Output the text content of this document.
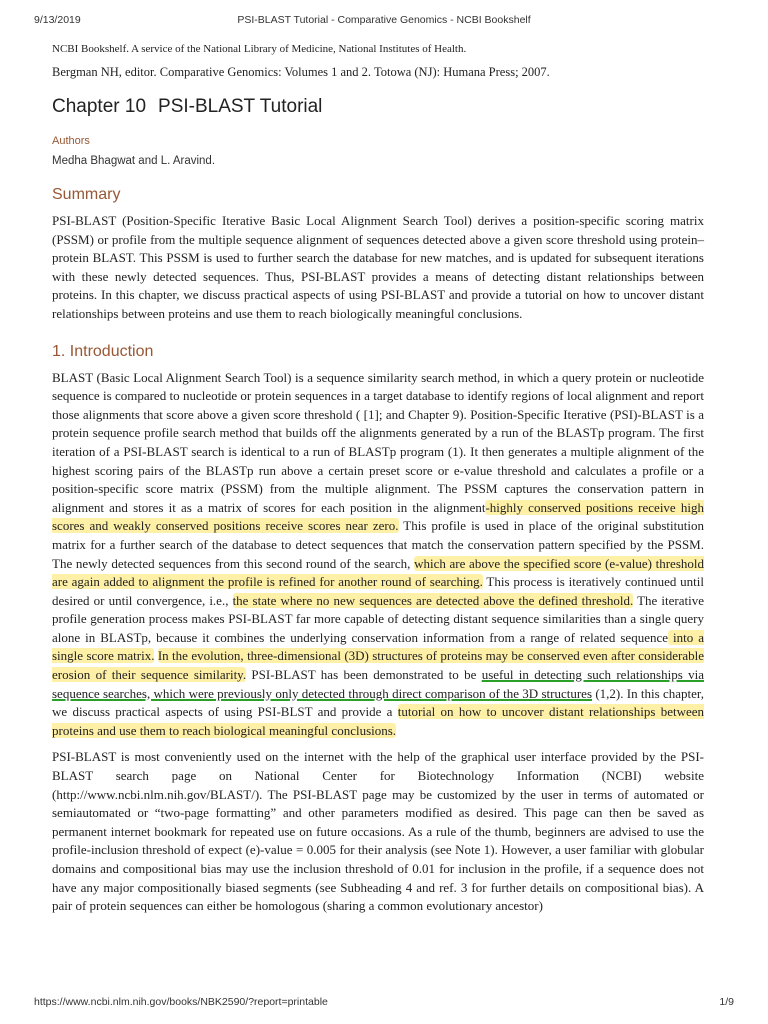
9/13/2019	PSI-BLAST Tutorial - Comparative Genomics - NCBI Bookshelf

NCBI Bookshelf. A service of the National Library of Medicine, National Institutes of Health.

Bergman NH, editor. Comparative Genomics: Volumes 1 and 2. Totowa (NJ): Humana Press; 2007.

Chapter 10 PSI-BLAST Tutorial
Authors
Medha Bhagwat and L. Aravind.
Summary

PSI-BLAST (Position-Specific Iterative Basic Local Alignment Search Tool) derives a position-specific scoring matrix (PSSM) or profile from the multiple sequence alignment of sequences detected above a given score threshold using protein–protein BLAST. This PSSM is used to further search the database for new matches, and is updated for subsequent iterations with these newly detected sequences. Thus, PSI-BLAST provides a means of detecting distant relationships between proteins. In this chapter, we discuss practical aspects of using PSI-BLAST and provide a tutorial on how to uncover distant relationships between proteins and use them to reach biologically meaningful conclusions.

1. Introduction

BLAST (Basic Local Alignment Search Tool) is a sequence similarity search method, in which a query protein or nucleotide sequence is compared to nucleotide or protein sequences in a target database to identify regions of local alignment and report those alignments that score above a given score threshold ( [1]; and Chapter 9). Position-Specific Iterative (PSI)-BLAST is a protein sequence profile search method that builds off the alignments generated by a run of the BLASTp program. The first iteration of a PSI-BLAST search is identical to a run of BLASTp program (1). It then generates a multiple alignment of the highest scoring pairs of the BLASTp run above a certain preset score or e-value threshold and calculates a profile or a position-specific score matrix (PSSM) from the multiple alignment. The PSSM captures the conservation pattern in alignment and stores it as a matrix of scores for each position in the alignment-highly conserved positions receive high scores and weakly conserved positions receive scores near zero. This profile is used in place of the original substitution matrix for a further search of the database to detect sequences that match the conservation pattern specified by the PSSM. The newly detected sequences from this second round of the search, which are above the specified score (e-value) threshold are again added to alignment the profile is refined for another round of searching. This process is iteratively continued until desired or until convergence, i.e., the state where no new sequences are detected above the defined threshold. The iterative profile generation process makes PSI-BLAST far more capable of detecting distant sequence similarities than a single query alone in BLASTp, because it combines the underlying conservation information from a range of related sequence into a single score matrix. In the evolution, three-dimensional (3D) structures of proteins may be conserved even after considerable erosion of their sequence similarity. PSI-BLAST has been demonstrated to be useful in detecting such relationships via sequence searches, which were previously only detected through direct comparison of the 3D structures (1,2). In this chapter, we discuss practical aspects of using PSI-BLST and provide a tutorial on how to uncover distant relationships between proteins and use them to reach biological meaningful conclusions.

PSI-BLAST is most conveniently used on the internet with the help of the graphical user interface provided by the PSI-BLAST search page on National Center for Biotechnology Information (NCBI) website (http://www.ncbi.nlm.nih.gov/BLAST/). The PSI-BLAST page may be customized by the user in terms of automated or semiautomated or “two-page formatting” and other parameters modified as desired. This page can then be saved as permanent internet bookmark for repeated use on future occasions. As a rule of the thumb, beginners are advised to use the profile-inclusion threshold of expect (e)-value = 0.005 for their analysis (see Note 1). However, a user familiar with globular domains and compositional bias may use the inclusion threshold of 0.01 for inclusion in the profile, if a sequence does not have any major compositionally biased segments (see Subheading 4 and ref. 3 for further details on compositional bias). A pair of protein sequences can either be homologous (sharing a common evolutionary ancestor)

https://www.ncbi.nlm.nih.gov/books/NBK2590/?report=printable	1/9
